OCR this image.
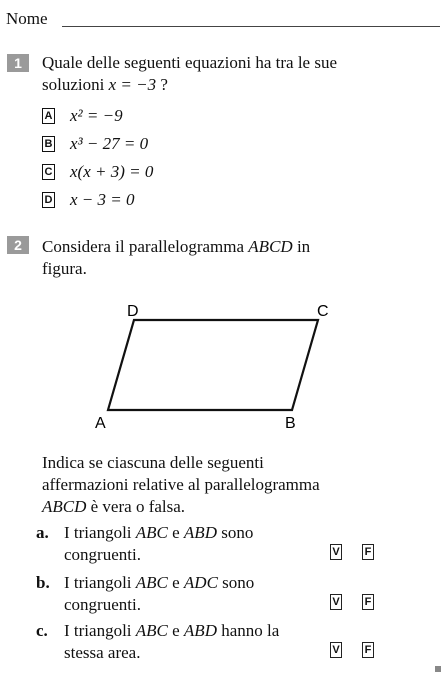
Nome
1	Quale delle seguenti equazioni ha tra le sue
soluzioni x = −3 ?
A x² = −9
B x³ − 27 = 0
C x(x + 3) = 0
D x − 3 = 0
2	Considera il parallelogramma ABCD in
figura.
D	C
A	B
Indica se ciascuna delle seguenti
affermazioni relative al parallelogramma
ABCD è vera o falsa.
a. I triangoli ABC e ABD sono
congruenti.	V F
b. I triangoli ABC e ADC sono
congruenti.	V F
c. I triangoli ABC e ABD hanno la
stessa area.	V F
